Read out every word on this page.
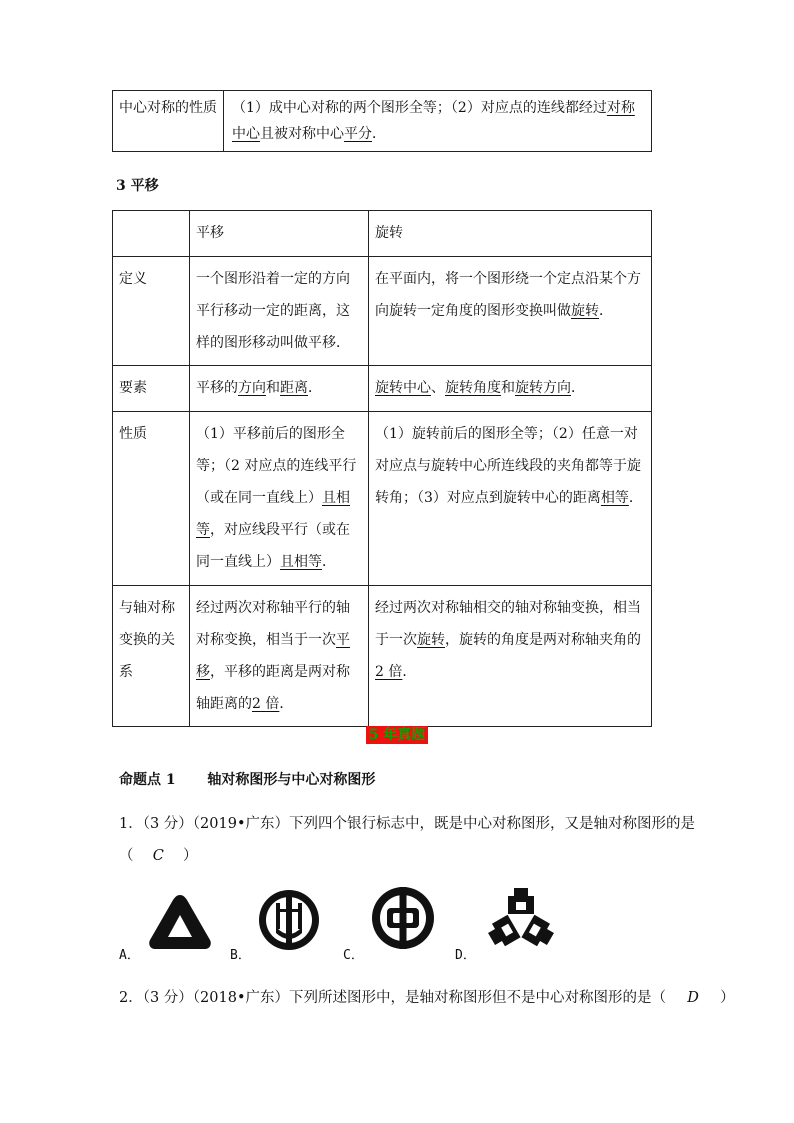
中心对称的性质	（1）成中心对称的两个图形全等；（2）对应点的连线都经过对称中心且被对称中心平分．
3 平移
	平移	旋转
定义	一个图形沿着一定的方向平行移动一定的距离，这样的图形移动叫做平移．	在平面内，将一个图形绕一个定点沿某个方向旋转一定角度的图形变换叫做旋转．
要素	平移的方向和距离．	旋转中心、旋转角度和旋转方向．
性质	（1）平移前后的图形全等；（2 对应点的连线平行（或在同一直线上）且相等，对应线段平行（或在同一直线上）且相等．	（1）旋转前后的图形全等；（2）任意一对对应点与旋转中心所连线段的夹角都等于旋转角；（3）对应点到旋转中心的距离相等．
与轴对称变换的关系	经过两次对称轴平行的轴对称变换，相当于一次平移，平移的距离是两对称轴距离的2 倍．	经过两次对称轴相交的轴对称轴变换，相当于一次旋转，旋转的角度是两对称轴夹角的2 倍．
5 年真题
命题点 1 轴对称图形与中心对称图形
1．（3 分）（2019•广东）下列四个银行标志中，既是中心对称图形，又是轴对称图形的是
（ C ）
A．	B．	C．	D．
2．（3 分）（2018•广东）下列所述图形中，是轴对称图形但不是中心对称图形的是（ D ）
